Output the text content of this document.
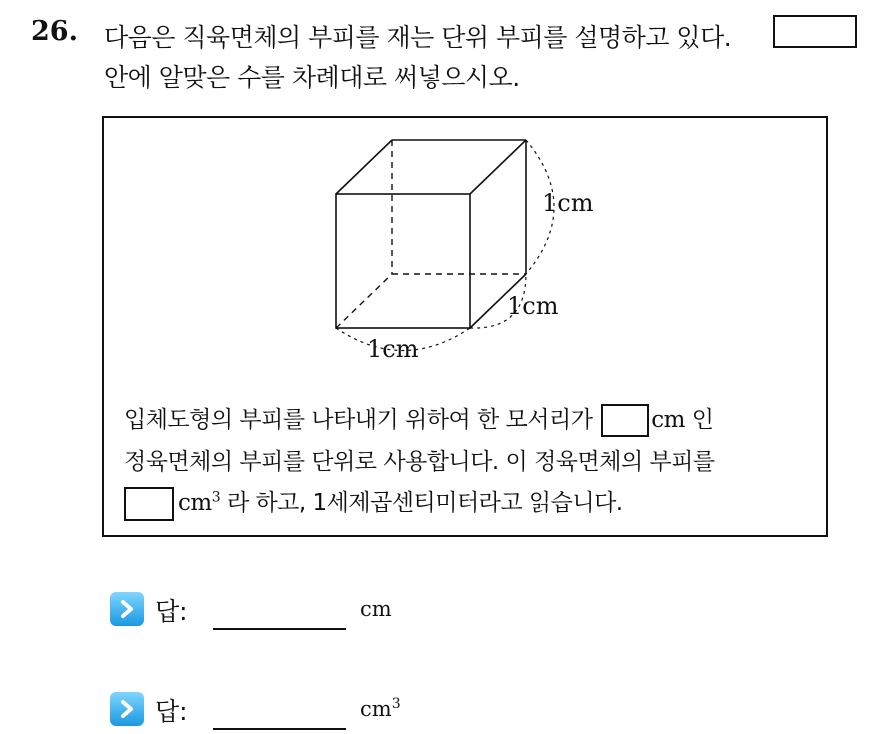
26. 다음은 직육면체의 부피를 재는 단위 부피를 설명하고 있다.
안에 알맞은 수를 차례대로 써넣으시오.
1cm
1cm
1cm
입체도형의 부피를 나타내기 위하여 한 모서리가	cm 인
정육면체의 부피를 단위로 사용합니다. 이 정육면체의 부피를
$cm^3$ 라 하고, 1세제곱센티미터라고 읽습니다.
답:	cm
답:	$cm^3$
